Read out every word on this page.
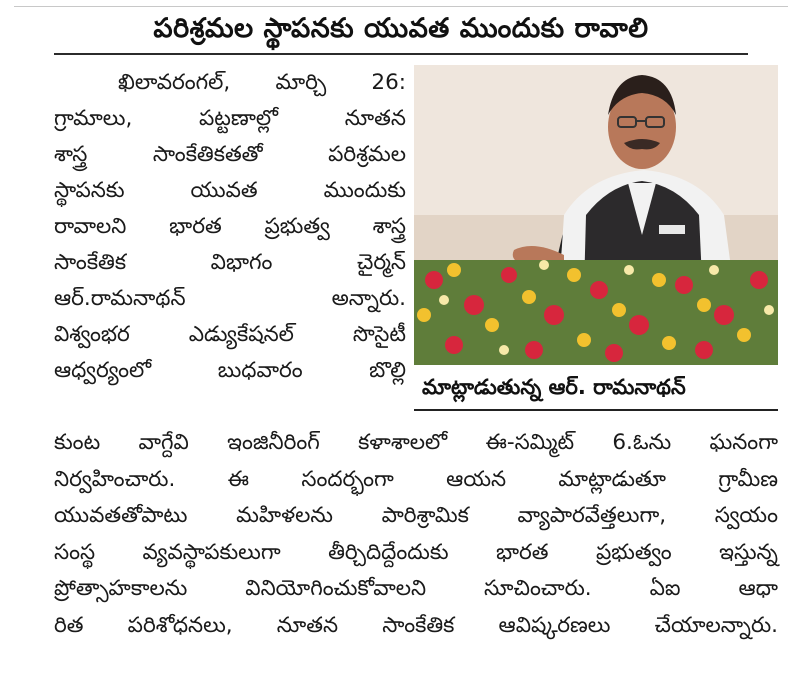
పరిశ్రమల స్థాపనకు యువత ముందుకు రావాలి

ఖిలావరంగల్, మార్చి 26:

గ్రామాలు, పట్టణాల్లో నూతన

శాస్త్ర సాంకేతికతతో పరిశ్రమల

స్థాపనకు యువత ముందుకు

రావాలని భారత ప్రభుత్వ శాస్త్ర

సాంకేతిక విభాగం చైర్మన్

ఆర్.రామనాథన్ అన్నారు.

విశ్వంభర ఎడ్యుకేషనల్ సొసైటీ

ఆధ్వర్యంలో బుధవారం బొల్లి

మాట్లాడుతున్న ఆర్. రామనాథన్

కుంట వాగ్దేవి ఇంజినీరింగ్ కళాశాలలో ఈ-సమ్మిట్ 6.ఓను ఘనంగా

నిర్వహించారు. ఈ సందర్భంగా ఆయన మాట్లాడుతూ గ్రామీణ

యువతతోపాటు మహిళలను పారిశ్రామిక వ్యాపారవేత్తలుగా, స్వయం

సంస్థ వ్యవస్థాపకులుగా తీర్చిదిద్దేందుకు భారత ప్రభుత్వం ఇస్తున్న

ప్రోత్సాహకాలను వినియోగించుకోవాలని సూచించారు. ఏఐ ఆధా

రిత పరిశోధనలు, నూతన సాంకేతిక ఆవిష్కరణలు చేయాలన్నారు.
